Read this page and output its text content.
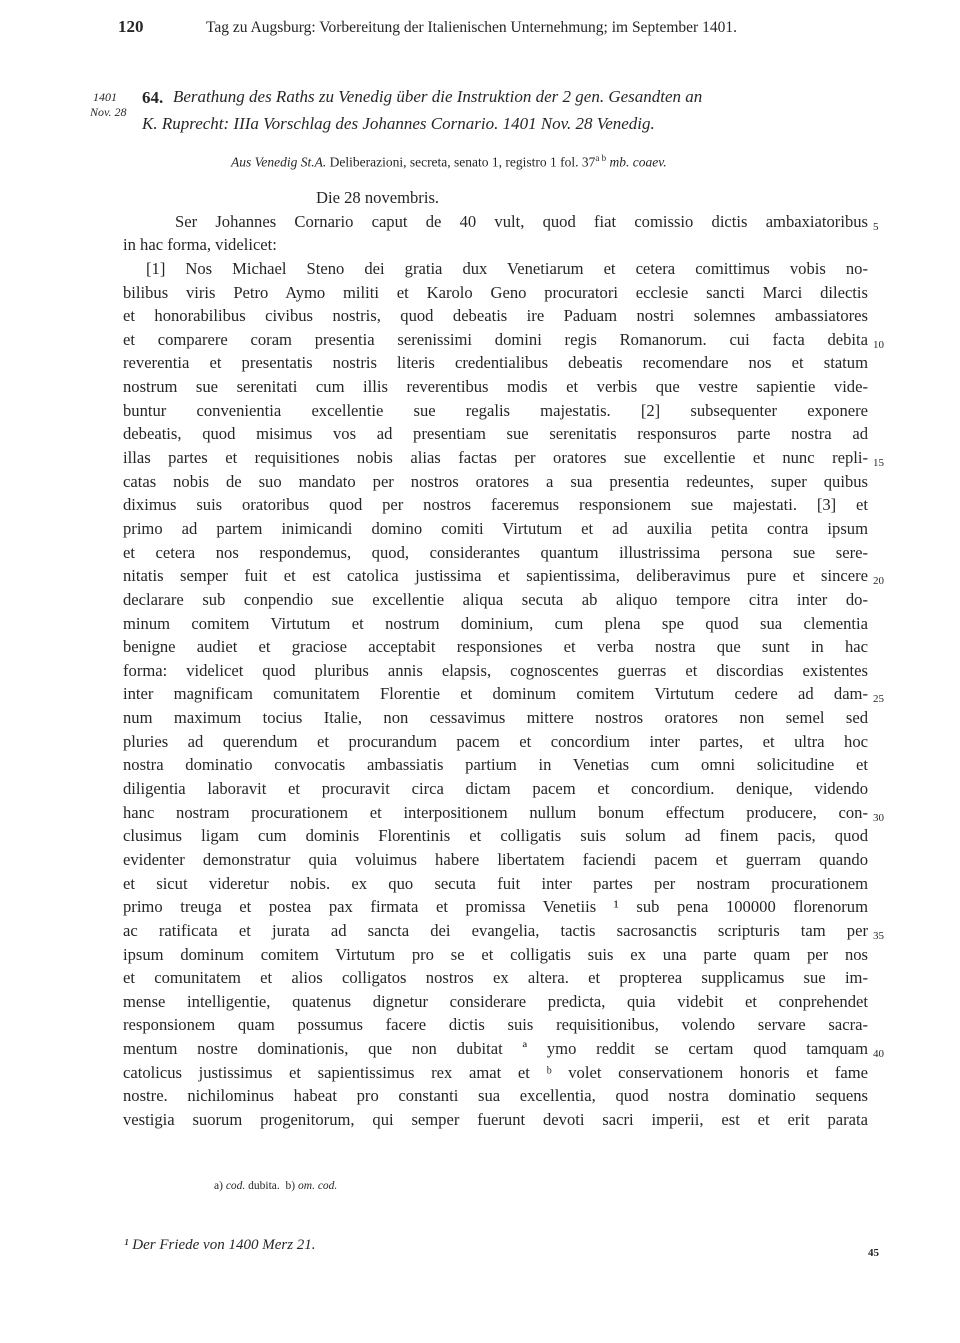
120	Tag zu Augsburg: Vorbereitung der Italienischen Unternehmung; im September 1401.
1401
Nov. 28
64. Berathung des Raths zu Venedig über die Instruktion der 2 gen. Gesandten an
K. Ruprecht: IIIa Vorschlag des Johannes Cornario. 1401 Nov. 28 Venedig.
Aus Venedig St.A. Deliberazioni, secreta, senato 1, registro 1 fol. $37^{a b}$ mb. coaev.
Die 28 novembris.
Ser Johannes Cornario caput de 40 vult, quod fiat comissio dictis ambaxiatoribus
in hac forma, videlicet:
[1] Nos Michael Steno dei gratia dux Venetiarum et cetera comittimus vobis no-
bilibus viris Petro Aymo militi et Karolo Geno procuratori ecclesie sancti Marci dilectis
et honorabilibus civibus nostris, quod debeatis ire Paduam nostri solemnes ambassiatores
et comparere coram presentia serenissimi domini regis Romanorum. cui facta debita
reverentia et presentatis nostris literis credentialibus debeatis recomendare nos et statum
nostrum sue serenitati cum illis reverentibus modis et verbis que vestre sapientie vide-
buntur convenientia excellentie sue regalis majestatis. [2] subsequenter exponere
debeatis, quod misimus vos ad presentiam sue serenitatis responsuros parte nostra ad
illas partes et requisitiones nobis alias factas per oratores sue excellentie et nunc repli-
catas nobis de suo mandato per nostros oratores a sua presentia redeuntes, super quibus
diximus suis oratoribus quod per nostros faceremus responsionem sue majestati. [3] et
primo ad partem inimicandi domino comiti Virtutum et ad auxilia petita contra ipsum
et cetera nos respondemus, quod, considerantes quantum illustrissima persona sue sere-
nitatis semper fuit et est catolica justissima et sapientissima, deliberavimus pure et sincere
declarare sub conpendio sue excellentie aliqua secuta ab aliquo tempore citra inter do-
minum comitem Virtutum et nostrum dominium, cum plena spe quod sua clementia
benigne audiet et graciose acceptabit responsiones et verba nostra que sunt in hac
forma: videlicet quod pluribus annis elapsis, cognoscentes guerras et discordias existentes
inter magnificam comunitatem Florentie et dominum comitem Virtutum cedere ad dam-
num maximum tocius Italie, non cessavimus mittere nostros oratores non semel sed
pluries ad querendum et procurandum pacem et concordium inter partes, et ultra hoc
nostra dominatio convocatis ambassiatis partium in Venetias cum omni solicitudine et
diligentia laboravit et procuravit circa dictam pacem et concordium. denique, videndo
hanc nostram procurationem et interpositionem nullum bonum effectum producere, con-
clusimus ligam cum dominis Florentinis et colligatis suis solum ad finem pacis, quod
evidenter demonstratur quia voluimus habere libertatem faciendi pacem et guerram quando
et sicut videretur nobis. ex quo secuta fuit inter partes per nostram procurationem
primo treuga et postea pax firmata et promissa Venetiis ¹ sub pena 100000 florenorum
ac ratificata et jurata ad sancta dei evangelia, tactis sacrosanctis scripturis tam per
ipsum dominum comitem Virtutum pro se et colligatis suis ex una parte quam per nos
et comunitatem et alios colligatos nostros ex altera. et propterea supplicamus sue im-
mense intelligentie, quatenus dignetur considerare predicta, quia videbit et conprehendet
responsionem quam possumus facere dictis suis requisitionibus, volendo servare sacra-
mentum nostre dominationis, que non dubitat ª ymo reddit se certam quod tamquam
catolicus justissimus et sapientissimus rex amat et ᵇ volet conservationem honoris et fame
nostre. nichilominus habeat pro constanti sua excellentia, quod nostra dominatio sequens
vestigia suorum progenitorum, qui semper fuerunt devoti sacri imperii, est et erit parata
5
10
15
20
25
30
35
40
a) cod. dubita.  b) om. cod.
¹ Der Friede von 1400 Merz 21.	45
